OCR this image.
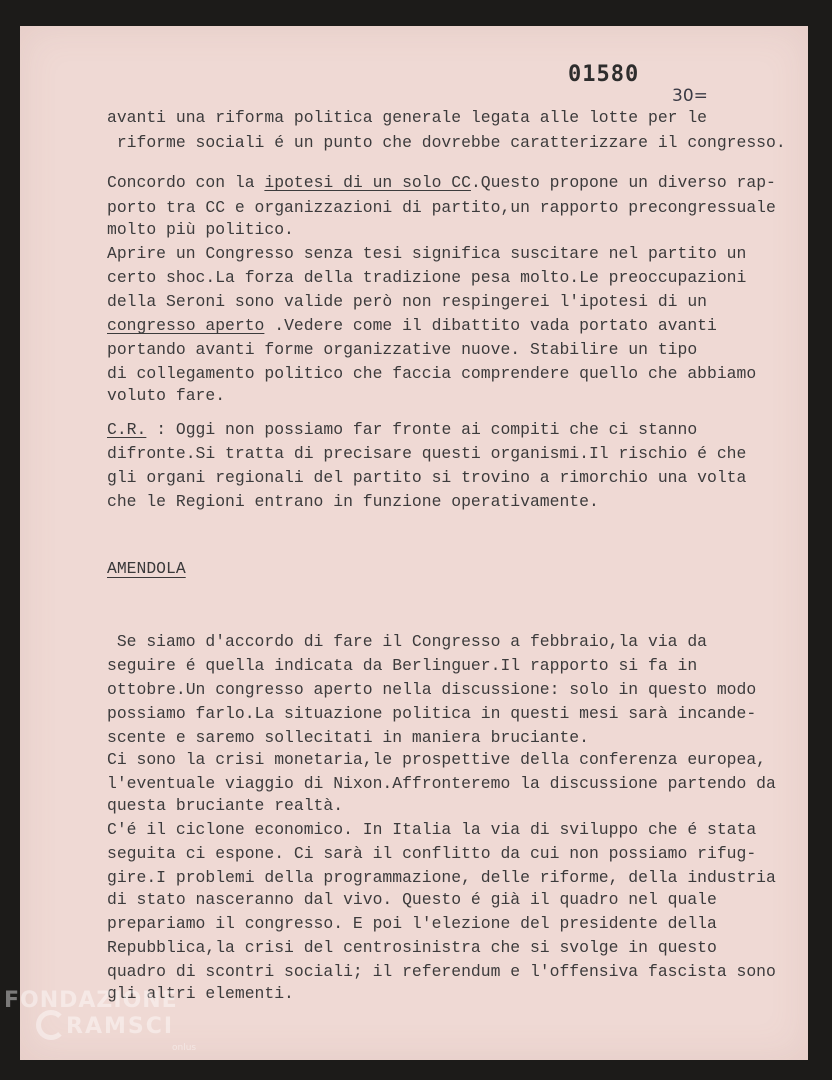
01580
30=
avanti una riforma politica generale legata alle lotte per le
riforme sociali é un punto che dovrebbe caratterizzare il congresso.
Concordo con la ipotesi di un solo CC.Questo propone un diverso rap-
porto tra CC e organizzazioni di partito,un rapporto precongressuale
molto più politico.
Aprire un Congresso senza tesi significa suscitare nel partito un
certo shoc.La forza della tradizione pesa molto.Le preoccupazioni
della Seroni sono valide però non respingerei l'ipotesi di un
congresso aperto .Vedere come il dibattito vada portato avanti
portando avanti forme organizzative nuove. Stabilire un tipo
di collegamento politico che faccia comprendere quello che abbiamo
voluto fare.
C.R. : Oggi non possiamo far fronte ai compiti che ci stanno
difronte.Si tratta di precisare questi organismi.Il rischio é che
gli organi regionali del partito si trovino a rimorchio una volta
che le Regioni entrano in funzione operativamente.
AMENDOLA
Se siamo d'accordo di fare il Congresso a febbraio,la via da
seguire é quella indicata da Berlinguer.Il rapporto si fa in
ottobre.Un congresso aperto nella discussione: solo in questo modo
possiamo farlo.La situazione politica in questi mesi sarà incande-
scente e saremo sollecitati in maniera bruciante.
Ci sono la crisi monetaria,le prospettive della conferenza europea,
l'eventuale viaggio di Nixon.Affronteremo la discussione partendo da
questa bruciante realtà.
C'é il ciclone economico. In Italia la via di sviluppo che é stata
seguita ci espone. Ci sarà il conflitto da cui non possiamo rifug-
gire.I problemi della programmazione, delle riforme, della industria
di stato nasceranno dal vivo. Questo é già il quadro nel quale
prepariamo il congresso. E poi l'elezione del presidente della
Repubblica,la crisi del centrosinistra che si svolge in questo
quadro di scontri sociali; il referendum e l'offensiva fascista sono
gli altri elementi.
FONDAZIONE
RAMSCI
onlus
